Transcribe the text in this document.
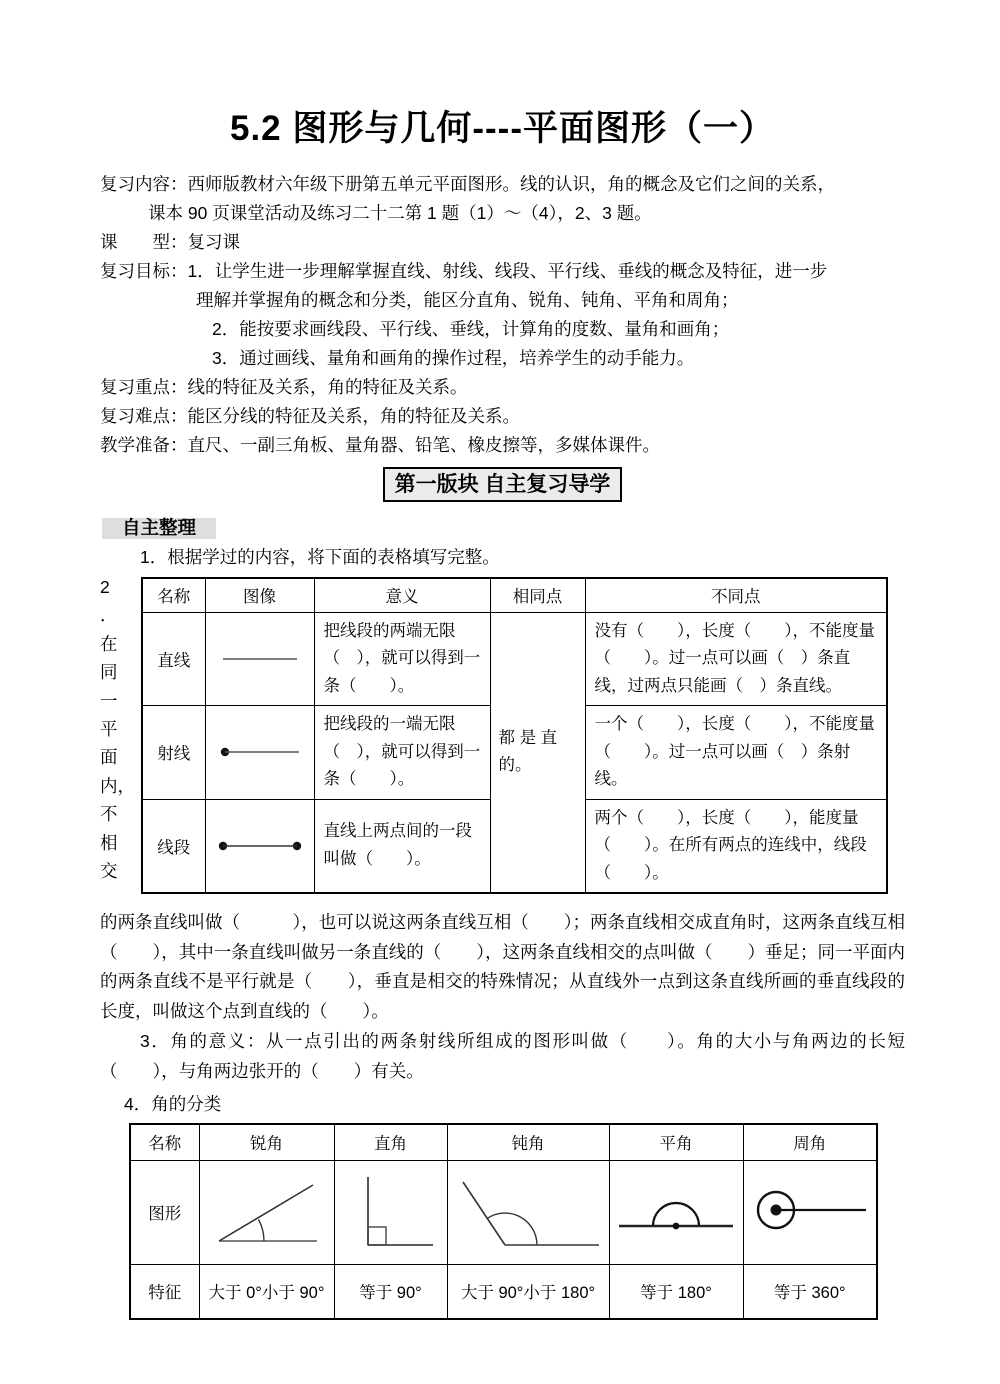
5.2 图形与几何----平面图形（一）
复习内容：西师版教材六年级下册第五单元平面图形。线的认识，角的概念及它们之间的关系，
课本 90 页课堂活动及练习二十二第 1 题（1）～（4），2、3 题。
课　　型：复习课
复习目标：1．让学生进一步理解掌握直线、射线、线段、平行线、垂线的概念及特征，进一步
理解并掌握角的概念和分类，能区分直角、锐角、钝角、平角和周角；
2．能按要求画线段、平行线、垂线，计算角的度数、量角和画角；
3．通过画线、量角和画角的操作过程，培养学生的动手能力。
复习重点：线的特征及关系，角的特征及关系。
复习难点：能区分线的特征及关系，角的特征及关系。
教学准备：直尺、一副三角板、量角器、铅笔、橡皮擦等，多媒体课件。
第一版块 自主复习导学
自主整理
1．根据学过的内容，将下面的表格填写完整。
2
．
在
同
一
平
面
内，
不
相
交
名称	图像	意义	相同点	不同点
直线		把线段的两端无限（　），就可以得到一条（　　）。	都 是 直 的。	没有（　　），长度（　　），不能度量（　　）。过一点可以画（　）条直线，过两点只能画（　）条直线。
射线		把线段的一端无限（　），就可以得到一条（　　）。		一个（　　），长度（　　），不能度量（　　）。过一点可以画（　）条射线。
线段		直线上两点间的一段叫做（　　）。		两个（　　），长度（　　），能度量（　　）。在所有两点的连线中，线段（　　）。
的两条直线叫做（　　　），也可以说这两条直线互相（　　）；两条直线相交成直角时，这两条直线互相（　　），其中一条直线叫做另一条直线的（　　），这两条直线相交的点叫做（　　）垂足；同一平面内的两条直线不是平行就是（　　），垂直是相交的特殊情况；从直线外一点到这条直线所画的垂直线段的长度，叫做这个点到直线的（　　）。
3．角的意义：从一点引出的两条射线所组成的图形叫做（　　）。角的大小与角两边的长短（　　），与角两边张开的（　　）有关。
4．角的分类
名称	锐角	直角	钝角	平角	周角
图形	

特征	大于 0°小于 90°	等于 90°	大于 90°小于 180°	等于 180°	等于 360°
